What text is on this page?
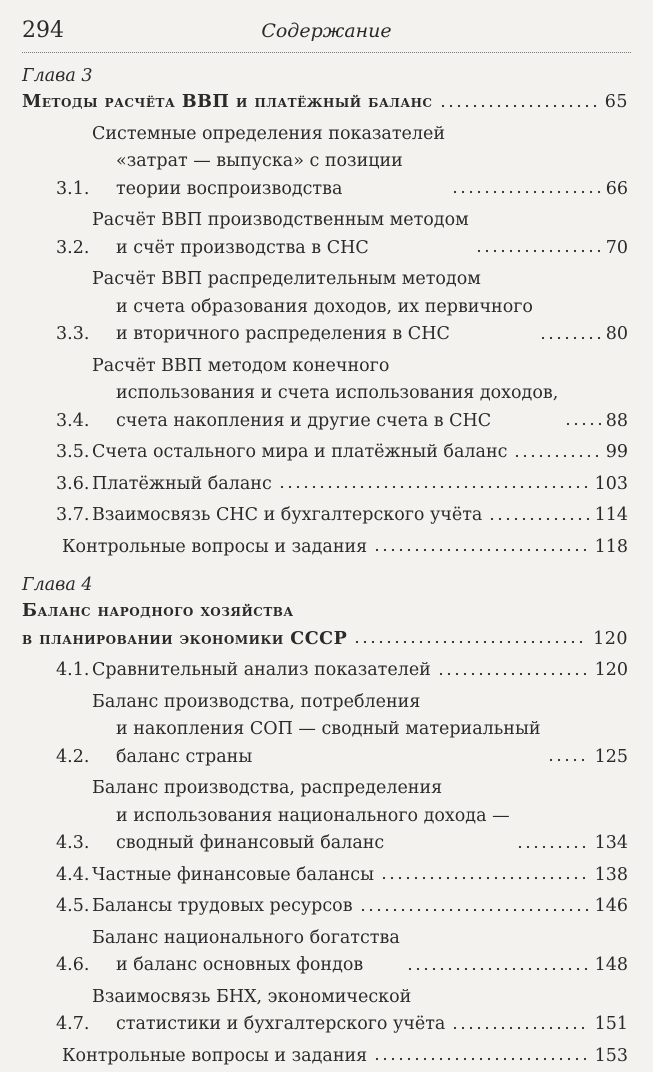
294	Содержание
Глава 3
Методы расчёта ВВП и платёжный баланс	65
3.1.
Системные определения показателей
«затрат — выпуска» с позиции
теории воспроизводства	66
3.2.
Расчёт ВВП производственным методом
и счёт производства в СНС	70
3.3.
Расчёт ВВП распределительным методом
и счета образования доходов, их первичного
и вторичного распределения в СНС	80
3.4.
Расчёт ВВП методом конечного
использования и счета использования доходов,
счета накопления и другие счета в СНС	88
3.5. Счета остального мира и платёжный баланс	99
3.6. Платёжный баланс	103
3.7. Взаимосвязь СНС и бухгалтерского учёта	114
Контрольные вопросы и задания	118
Глава 4
Баланс народного хозяйства
в планировании экономики СССР	120
4.1. Сравнительный анализ показателей	120
4.2.
Баланс производства, потребления
и накопления СОП — сводный материальный
баланс страны	125
4.3.
Баланс производства, распределения
и использования национального дохода —
сводный финансовый баланс	134
4.4. Частные финансовые балансы	138
4.5. Балансы трудовых ресурсов	146
4.6.
Баланс национального богатства
и баланс основных фондов	148
4.7.
Взаимосвязь БНХ, экономической
статистики и бухгалтерского учёта	151
Контрольные вопросы и задания	153
